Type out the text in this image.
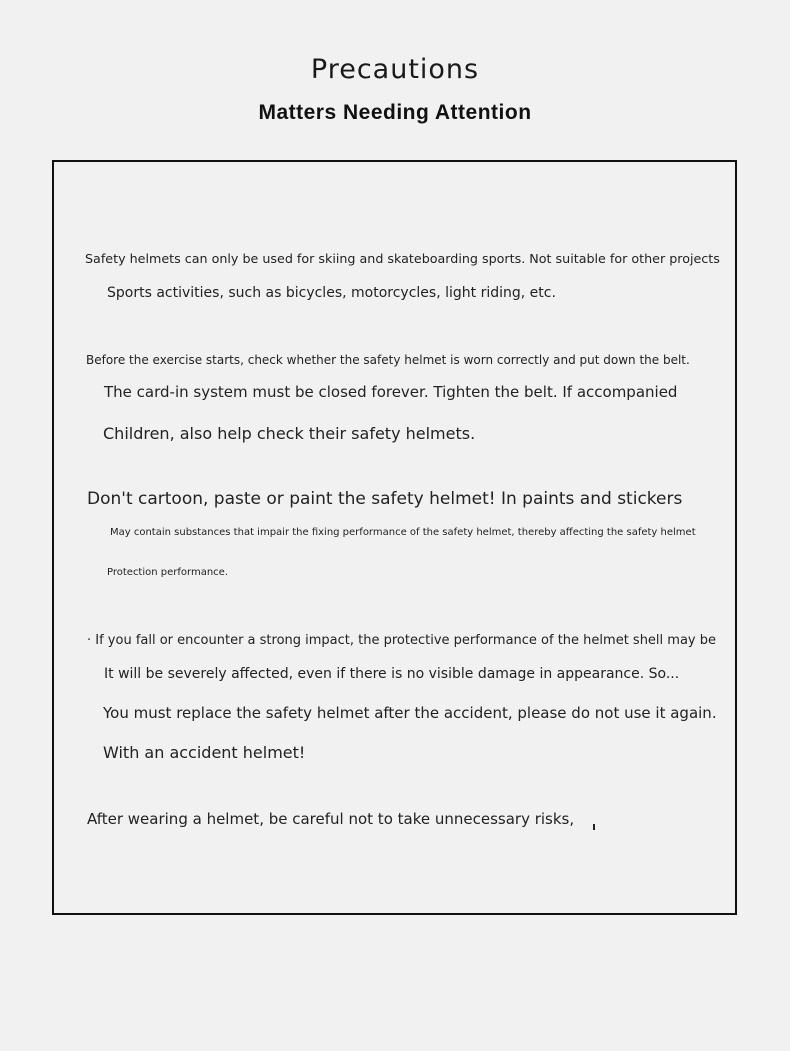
Precautions
Matters Needing Attention

Safety helmets can only be used for skiing and skateboarding sports. Not suitable for other projects

Sports activities, such as bicycles, motorcycles, light riding, etc.

Before the exercise starts, check whether the safety helmet is worn correctly and put down the belt.

The card-in system must be closed forever. Tighten the belt. If accompanied

Children, also help check their safety helmets.

Don't cartoon, paste or paint the safety helmet! In paints and stickers

May contain substances that impair the fixing performance of the safety helmet, thereby affecting the safety helmet

Protection performance.

· If you fall or encounter a strong impact, the protective performance of the helmet shell may be

It will be severely affected, even if there is no visible damage in appearance. So...

You must replace the safety helmet after the accident, please do not use it again.

With an accident helmet!

After wearing a helmet, be careful not to take unnecessary risks,
